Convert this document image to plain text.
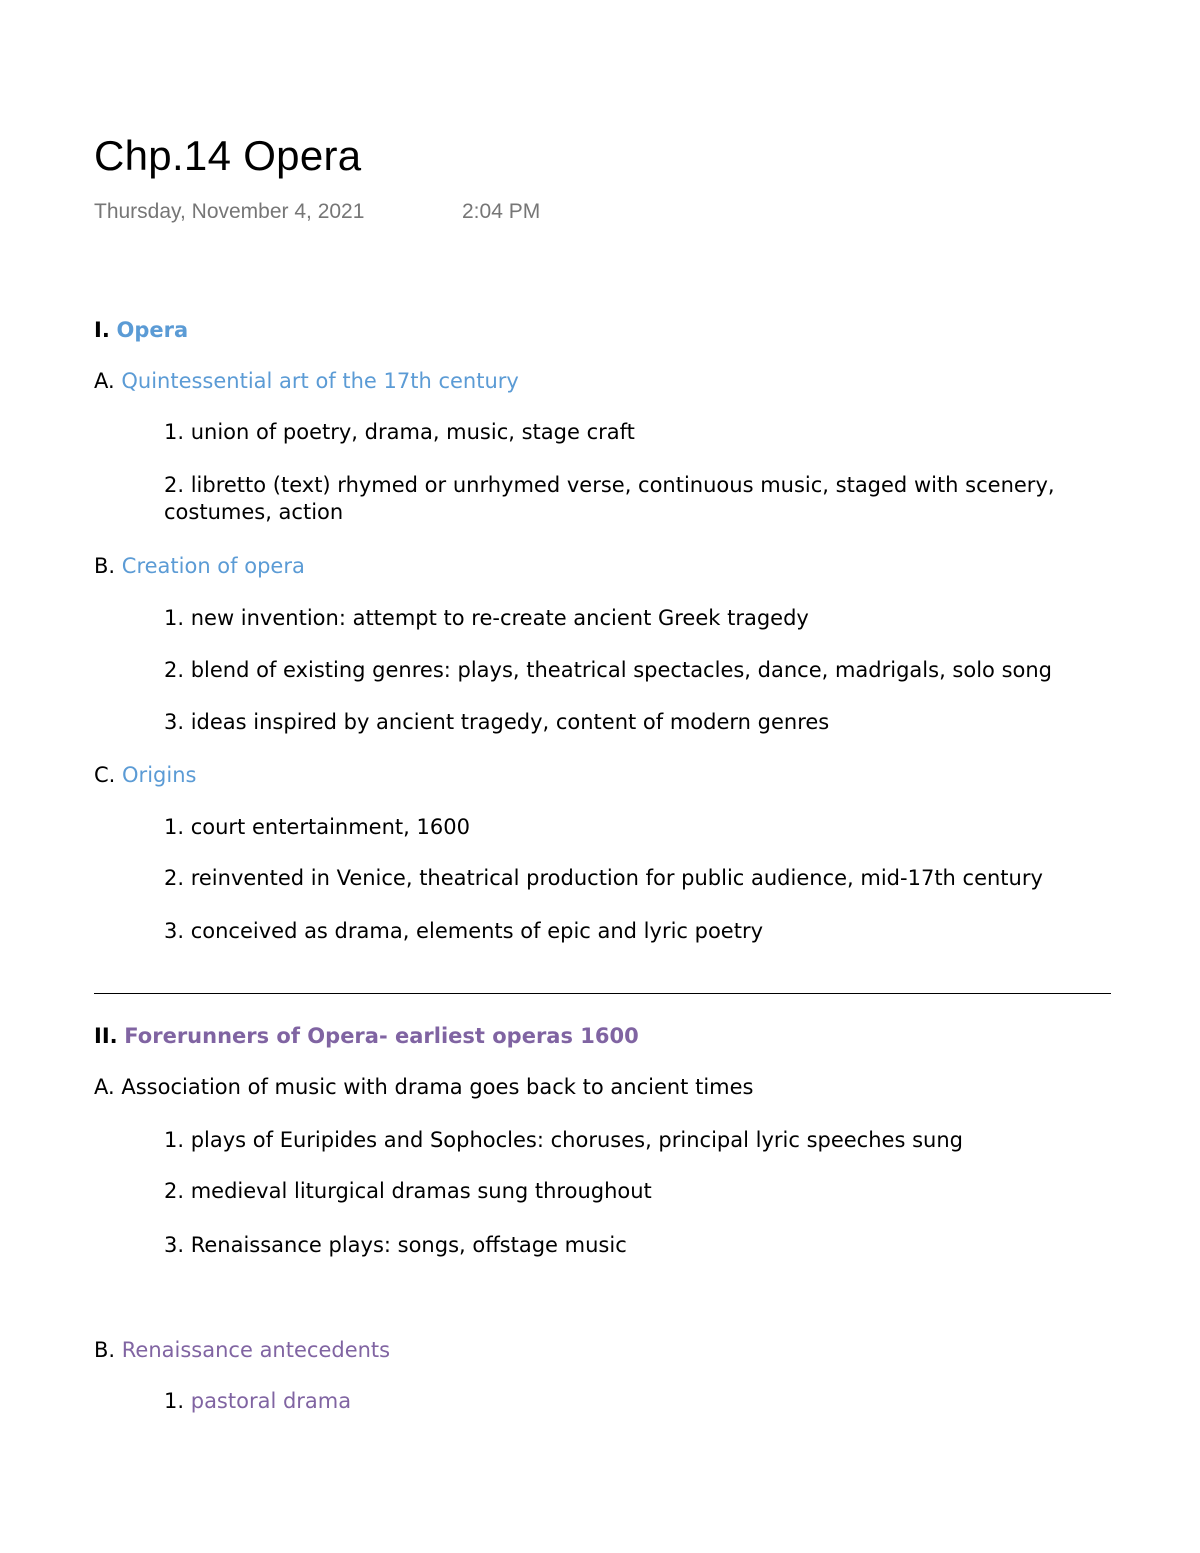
Chp.14 Opera
Thursday, November 4, 2021	2:04 PM
I. Opera
A. Quintessential art of the 17th century
1. union of poetry, drama, music, stage craft
2. libretto (text) rhymed or unrhymed verse, continuous music, staged with scenery,
costumes, action
B. Creation of opera
1. new invention: attempt to re-create ancient Greek tragedy
2. blend of existing genres: plays, theatrical spectacles, dance, madrigals, solo song
3. ideas inspired by ancient tragedy, content of modern genres
C. Origins
1. court entertainment, 1600
2. reinvented in Venice, theatrical production for public audience, mid-17th century
3. conceived as drama, elements of epic and lyric poetry
II. Forerunners of Opera- earliest operas 1600
A. Association of music with drama goes back to ancient times
1. plays of Euripides and Sophocles: choruses, principal lyric speeches sung
2. medieval liturgical dramas sung throughout
3. Renaissance plays: songs, offstage music
B. Renaissance antecedents
1. pastoral drama
